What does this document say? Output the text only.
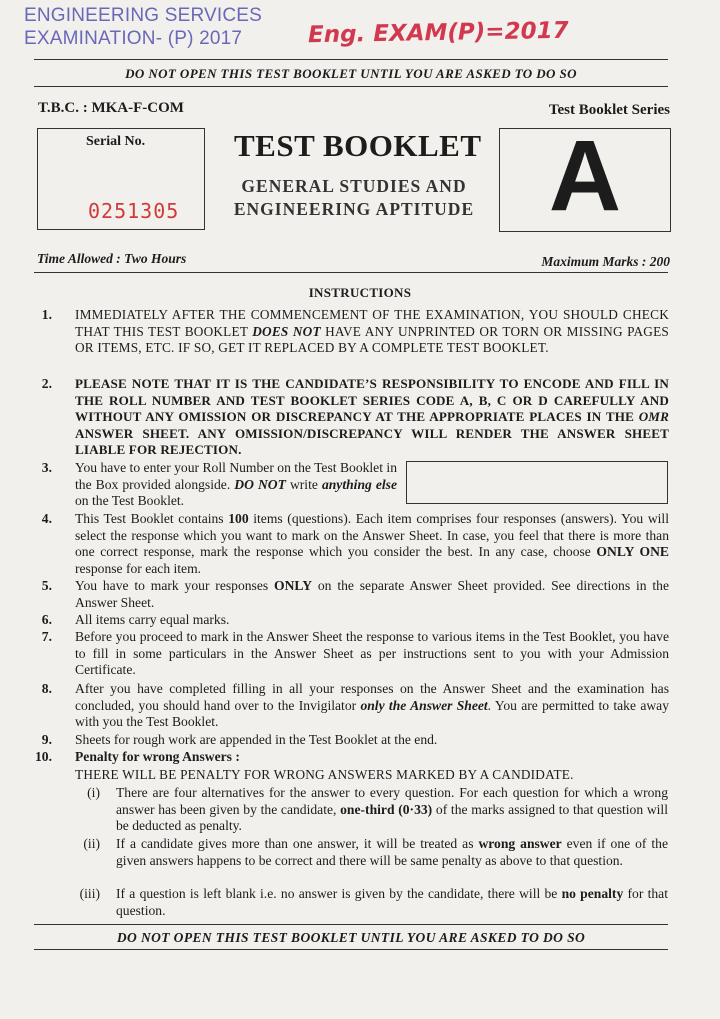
ENGINEERING SERVICES
EXAMINATION- (P) 2017	Eng. EXAM(P)=2017
DO NOT OPEN THIS TEST BOOKLET UNTIL YOU ARE ASKED TO DO SO
T.B.C. : MKA-F-COM	Test Booklet Series
Serial No.
0251305
TEST BOOKLET
GENERAL STUDIES AND
ENGINEERING APTITUDE A
Time Allowed : Two Hours	Maximum Marks : 200
INSTRUCTIONS
1. IMMEDIATELY AFTER THE COMMENCEMENT OF THE EXAMINATION, YOU SHOULD CHECK THAT THIS TEST BOOKLET DOES NOT HAVE ANY UNPRINTED OR TORN OR MISSING PAGES OR ITEMS, ETC. IF SO, GET IT REPLACED BY A COMPLETE TEST BOOKLET.
2. PLEASE NOTE THAT IT IS THE CANDIDATE’S RESPONSIBILITY TO ENCODE AND FILL IN THE ROLL NUMBER AND TEST BOOKLET SERIES CODE A, B, C OR D CAREFULLY AND WITHOUT ANY OMISSION OR DISCREPANCY AT THE APPROPRIATE PLACES IN THE OMR ANSWER SHEET. ANY OMISSION/DISCREPANCY WILL RENDER THE ANSWER SHEET LIABLE FOR REJECTION.
3. You have to enter your Roll Number on the Test Booklet in the Box provided alongside. DO NOT write anything else on the Test Booklet.
4. This Test Booklet contains 100 items (questions). Each item comprises four responses (answers). You will select the response which you want to mark on the Answer Sheet. In case, you feel that there is more than one correct response, mark the response which you consider the best. In any case, choose ONLY ONE response for each item.
5. You have to mark your responses ONLY on the separate Answer Sheet provided. See directions in the Answer Sheet.
6. All items carry equal marks.
7. Before you proceed to mark in the Answer Sheet the response to various items in the Test Booklet, you have to fill in some particulars in the Answer Sheet as per instructions sent to you with your Admission Certificate.
8. After you have completed filling in all your responses on the Answer Sheet and the examination has concluded, you should hand over to the Invigilator only the Answer Sheet. You are permitted to take away with you the Test Booklet.
9. Sheets for rough work are appended in the Test Booklet at the end.
10. Penalty for wrong Answers :
THERE WILL BE PENALTY FOR WRONG ANSWERS MARKED BY A CANDIDATE.
(i) There are four alternatives for the answer to every question. For each question for which a wrong answer has been given by the candidate, one-third (0·33) of the marks assigned to that question will be deducted as penalty.
(ii) If a candidate gives more than one answer, it will be treated as wrong answer even if one of the given answers happens to be correct and there will be same penalty as above to that question.
(iii) If a question is left blank i.e. no answer is given by the candidate, there will be no penalty for that question.
DO NOT OPEN THIS TEST BOOKLET UNTIL YOU ARE ASKED TO DO SO
